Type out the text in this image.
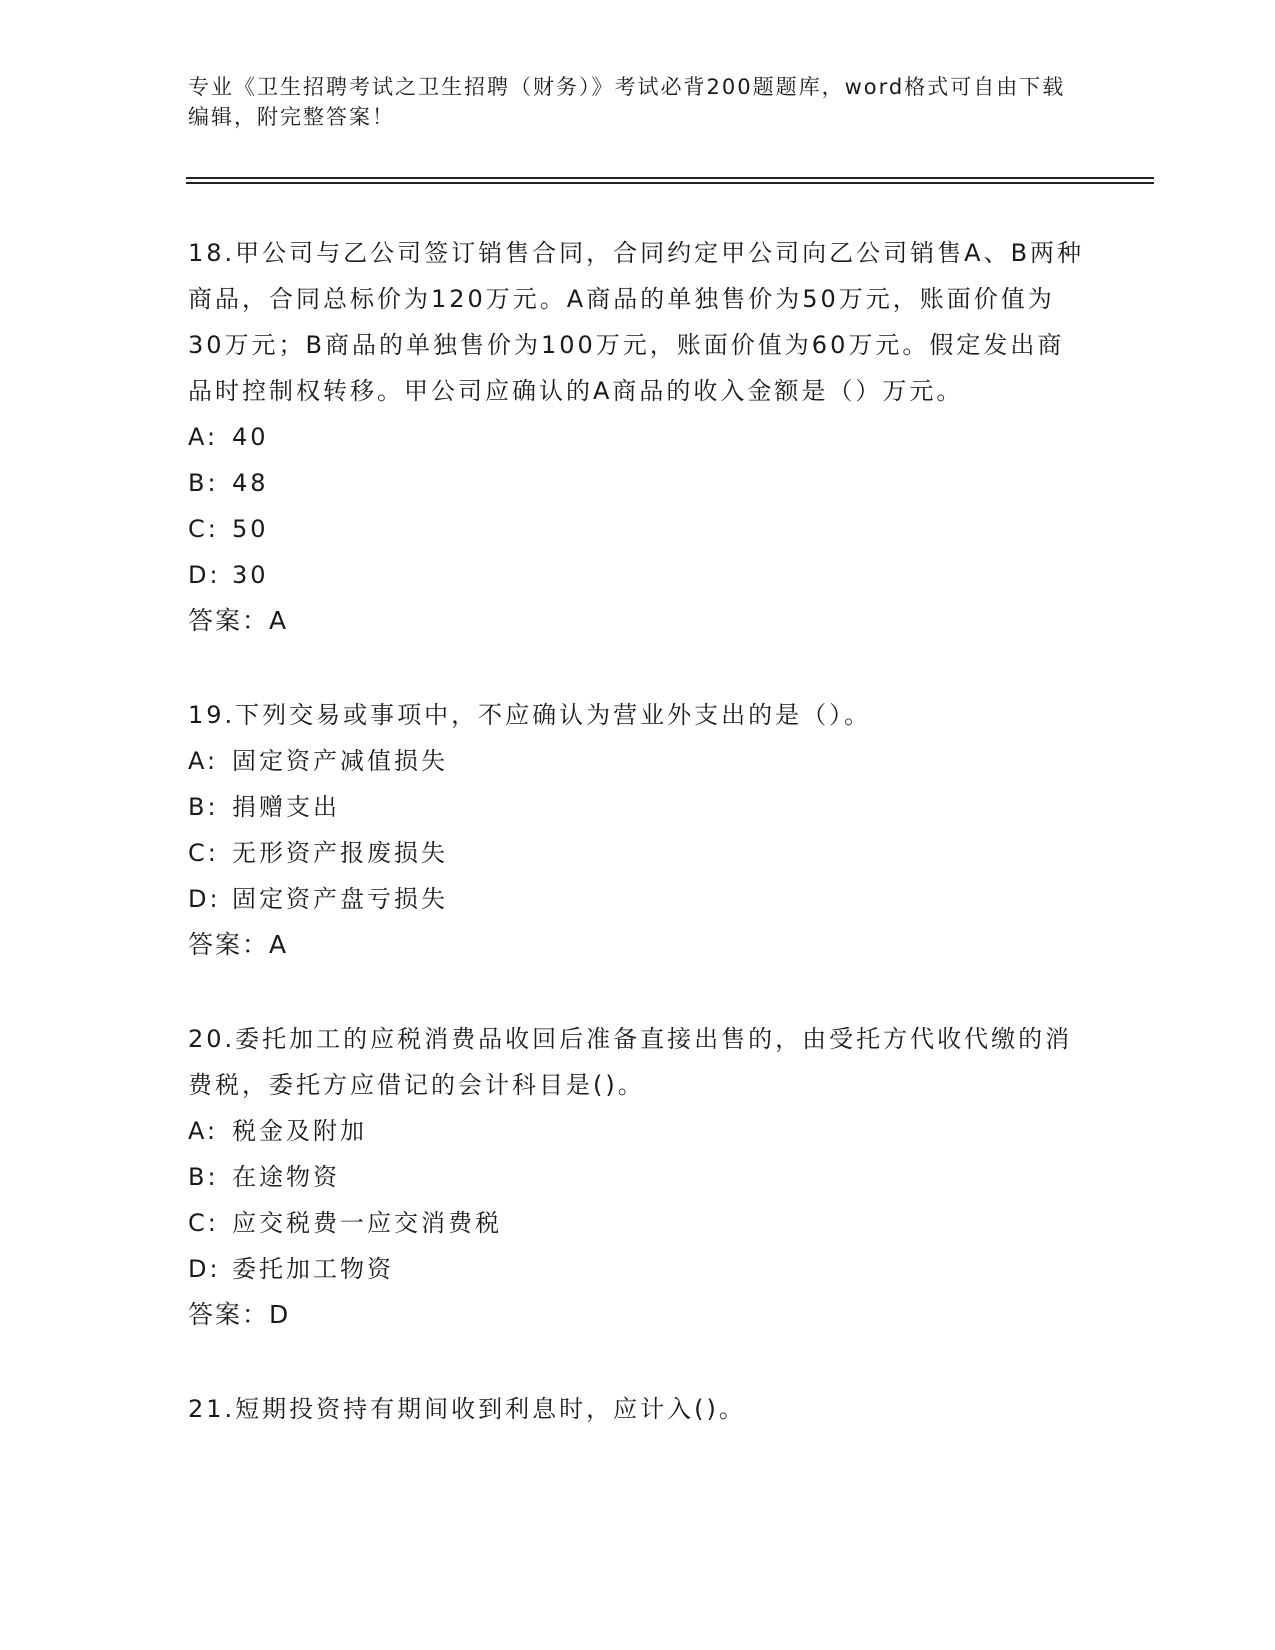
专业《卫生招聘考试之卫生招聘（财务）》考试必背200题题库，word格式可自由下载编辑，附完整答案！

18.甲公司与乙公司签订销售合同，合同约定甲公司向乙公司销售A、B两种商品，合同总标价为120万元。A商品的单独售价为50万元，账面价值为30万元；B商品的单独售价为100万元，账面价值为60万元。假定发出商品时控制权转移。甲公司应确认的A商品的收入金额是（）万元。

A: 40
B: 48
C: 50
D: 30

答案：A

19.下列交易或事项中，不应确认为营业外支出的是（）。

A: 固定资产减值损失
B: 捐赠支出
C: 无形资产报废损失
D: 固定资产盘亏损失

答案：A

20.委托加工的应税消费品收回后准备直接出售的，由受托方代收代缴的消费税，委托方应借记的会计科目是()。

A: 税金及附加
B: 在途物资
C: 应交税费一应交消费税
D: 委托加工物资

答案：D

21.短期投资持有期间收到利息时，应计入()。
